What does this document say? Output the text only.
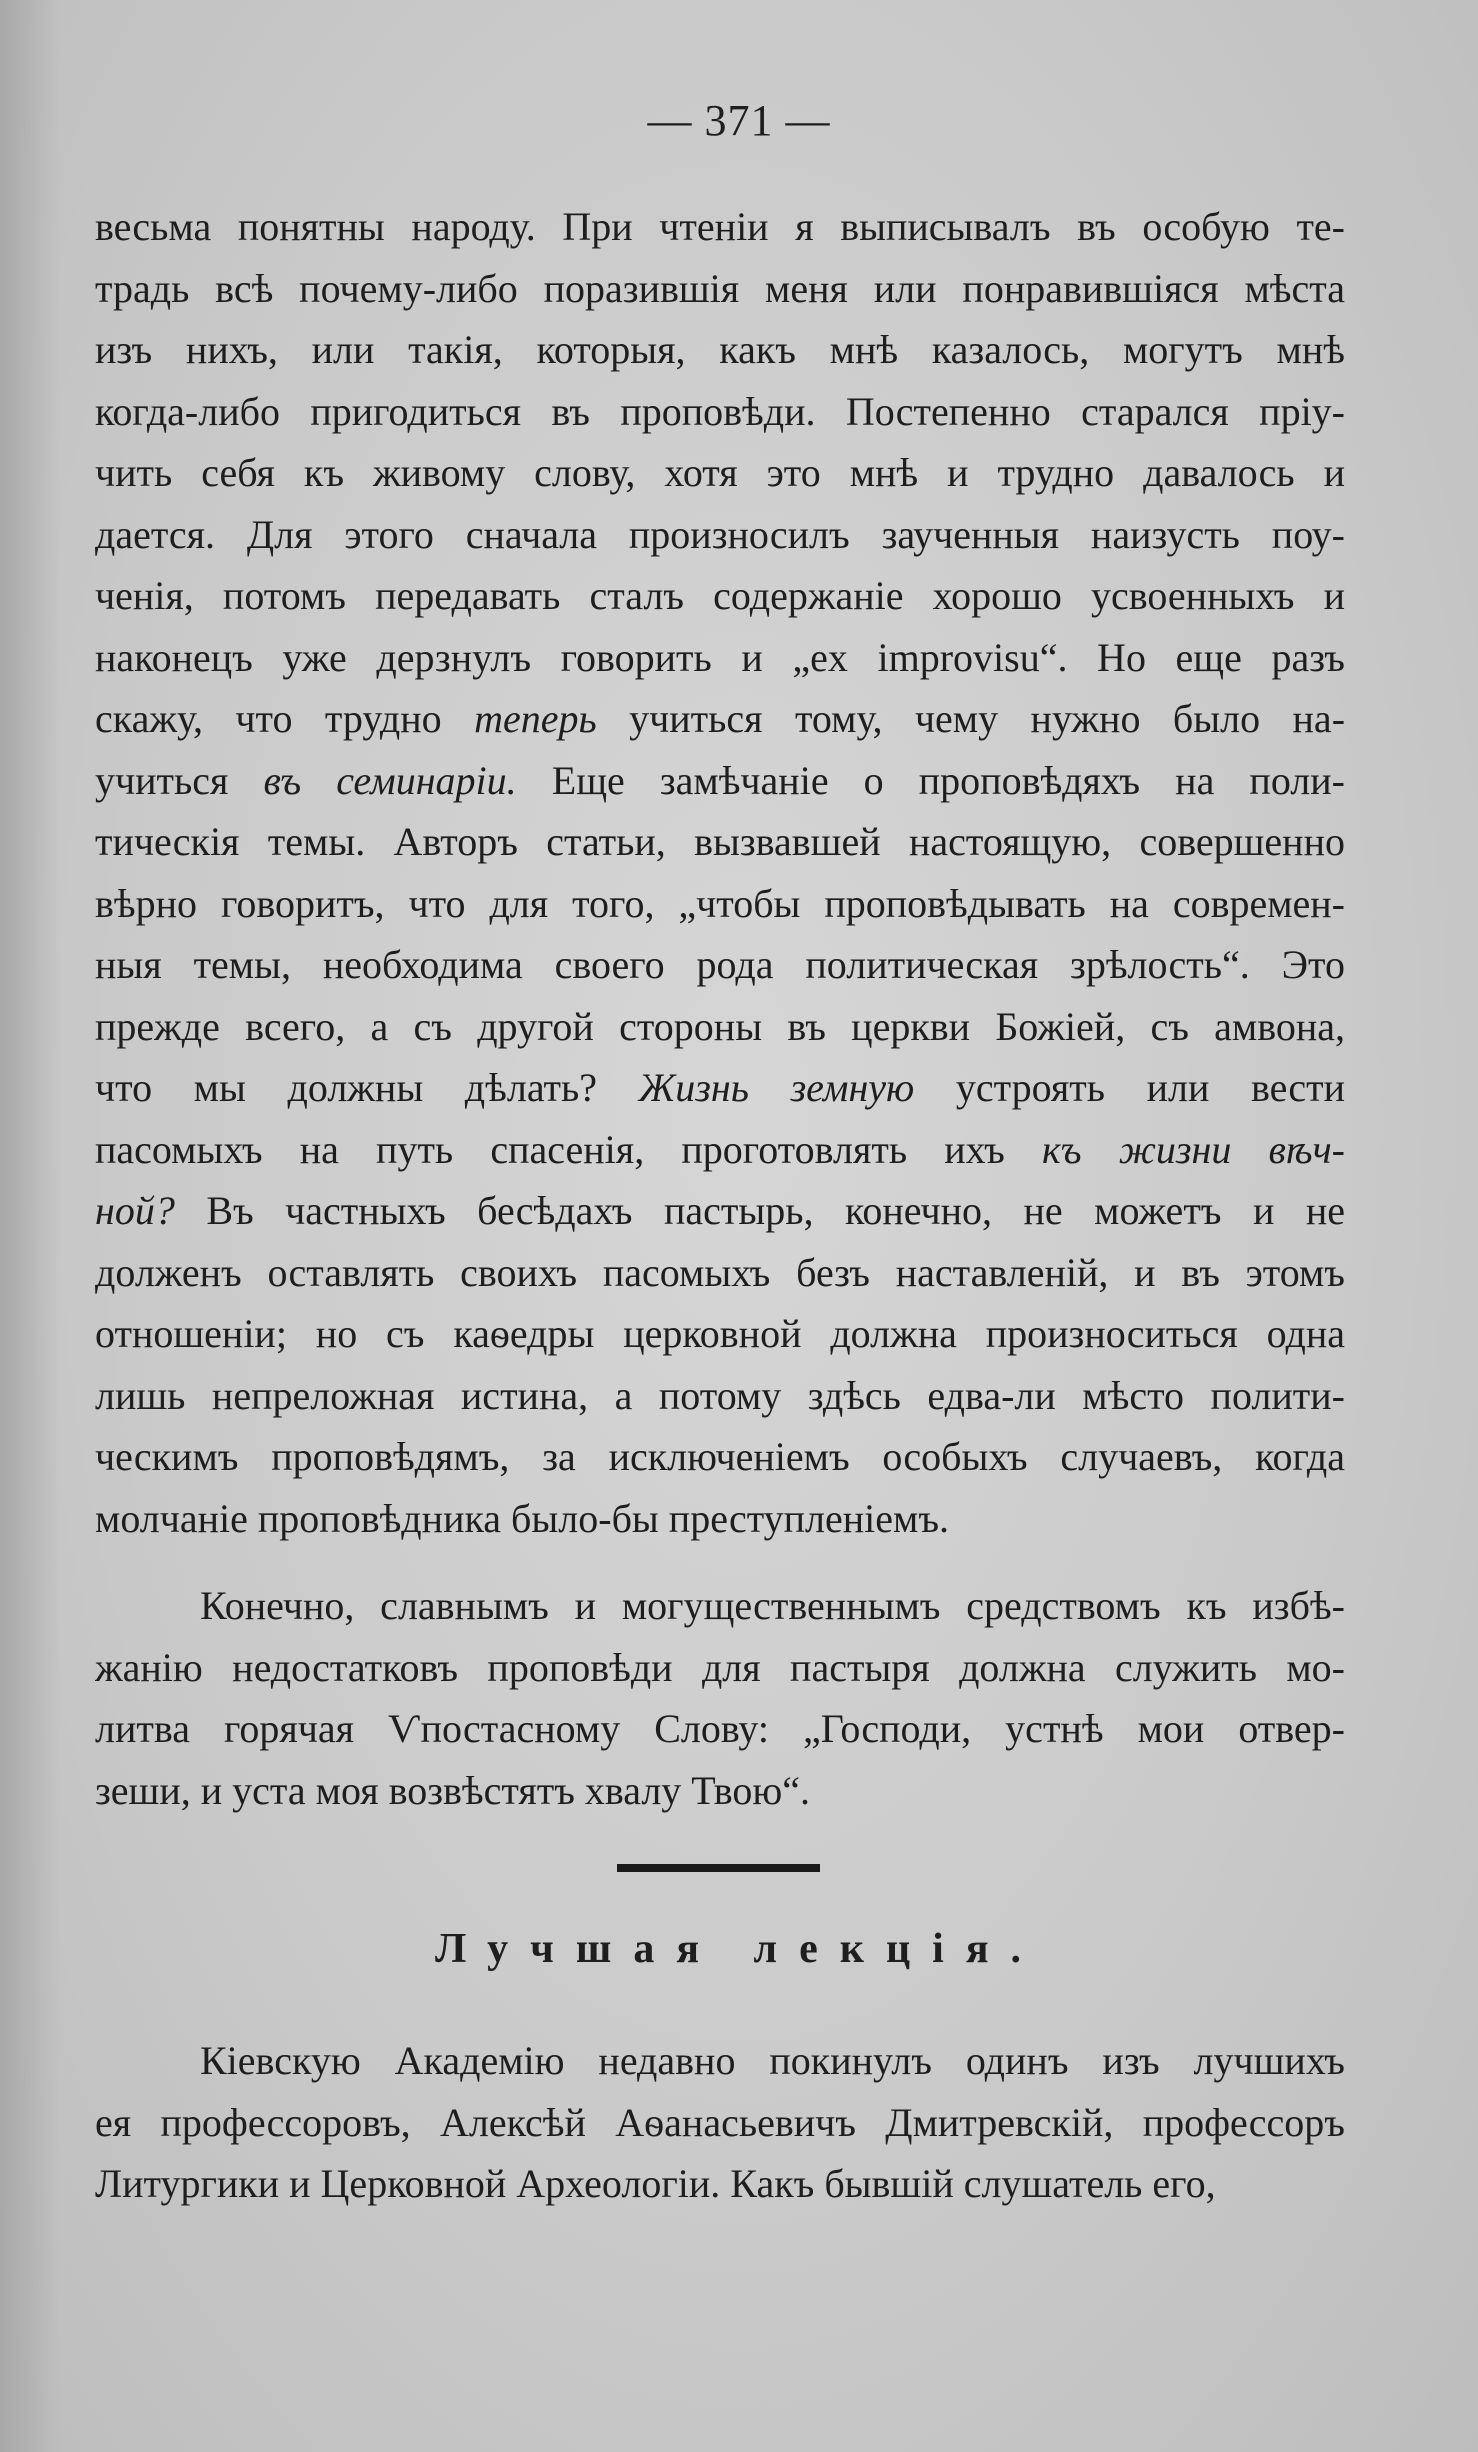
— 371 —
весьма понятны народу. При чтеніи я выписывалъ въ особую те-
традь всѣ почему-либо поразившія меня или понравившіяся мѣста
изъ нихъ, или такія, которыя, какъ мнѣ казалось, могутъ мнѣ
когда-либо пригодиться въ проповѣди. Постепенно старался пріу-
чить себя къ живому слову, хотя это мнѣ и трудно давалось и
дается. Для этого сначала произносилъ заученныя наизусть поу-
ченія, потомъ передавать сталъ содержаніе хорошо усвоенныхъ и
наконецъ уже дерзнулъ говорить и „ex improvisu“. Но еще разъ
скажу, что трудно теперь учиться тому, чему нужно было на-
учиться въ семинаріи. Еще замѣчаніе о проповѣдяхъ на поли-
тическія темы. Авторъ статьи, вызвавшей настоящую, совершенно
вѣрно говоритъ, что для того, „чтобы проповѣдывать на современ-
ныя темы, необходима своего рода политическая зрѣлость“. Это
прежде всего, а съ другой стороны въ церкви Божіей, съ амвона,
что мы должны дѣлать? Жизнь земную устроять или вести
пасомыхъ на путь спасенія, проготовлять ихъ къ жизни вѣч-
ной? Въ частныхъ бесѣдахъ пастырь, конечно, не можетъ и не
долженъ оставлять своихъ пасомыхъ безъ наставленій, и въ этомъ
отношеніи; но съ каѳедры церковной должна произноситься одна
лишь непреложная истина, а потому здѣсь едва-ли мѣсто полити-
ческимъ проповѣдямъ, за исключеніемъ особыхъ случаевъ, когда
молчаніе проповѣдника было-бы преступленіемъ.
Конечно, славнымъ и могущественнымъ средствомъ къ избѣ-
жанію недостатковъ проповѣди для пастыря должна служить мо-
литва горячая Ѵпостасному Слову: „Господи, устнѣ мои отвер-
зеши, и уста моя возвѣстятъ хвалу Твою“.
Лучшая лекція.
Кіевскую Академію недавно покинулъ одинъ изъ лучшихъ
ея профессоровъ, Алексѣй Аѳанасьевичъ Дмитревскій, профессоръ
Литургики и Церковной Археологіи. Какъ бывшій слушатель его,
